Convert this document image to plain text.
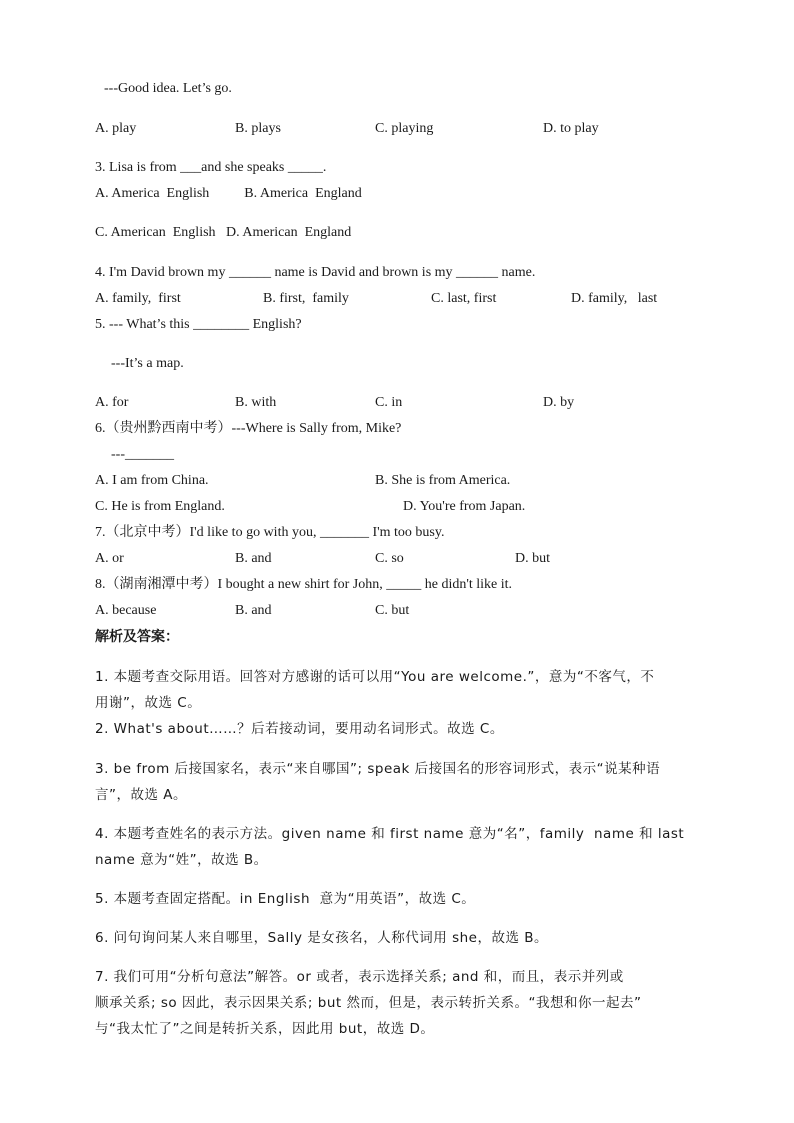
---Good idea. Let’s go.
A. play	B. plays	C. playing	D. to play
3. Lisa is from ___and she speaks _____.
A. America  English          B. America  England
C. American  English   D. American  England
4. I'm David brown my ______ name is David and brown is my ______ name.
A. family,  first	B. first,  family	C. last, first	D. family,   last
5. --- What’s this ________ English?
---It’s a map.
A. for	B. with	C. in	D. by
6.（贵州黔西南中考）---Where is Sally from, Mike?
---_______
A. I am from China.	B. She is from America.
C. He is from England.	D. You're from Japan.
7.（北京中考）I'd like to go with you, _______ I'm too busy.
A. or	B. and	C. so	D. but
8.（湖南湘潭中考）I bought a new shirt for John, _____ he didn't like it.
A. because	B. and	C. but
解析及答案：
1. 本题考查交际用语。回答对方感谢的话可以用“You are welcome.”，意为“不客气，不
用谢”，故选 C。
2. What's about……？后若接动词，要用动名词形式。故选 C。
3. be from 后接国家名，表示“来自哪国”; speak 后接国名的形容词形式，表示“说某种语
言”，故选 A。
4. 本题考查姓名的表示方法。given name 和 first name 意为“名”，family  name 和 last
name 意为“姓”，故选 B。
5. 本题考查固定搭配。in English  意为“用英语”，故选 C。
6. 问句询问某人来自哪里，Sally 是女孩名，人称代词用 she，故选 B。
7. 我们可用“分析句意法”解答。or 或者，表示选择关系; and 和，而且，表示并列或
顺承关系; so 因此，表示因果关系; but 然而，但是，表示转折关系。“我想和你一起去”
与“我太忙了”之间是转折关系，因此用 but，故选 D。
